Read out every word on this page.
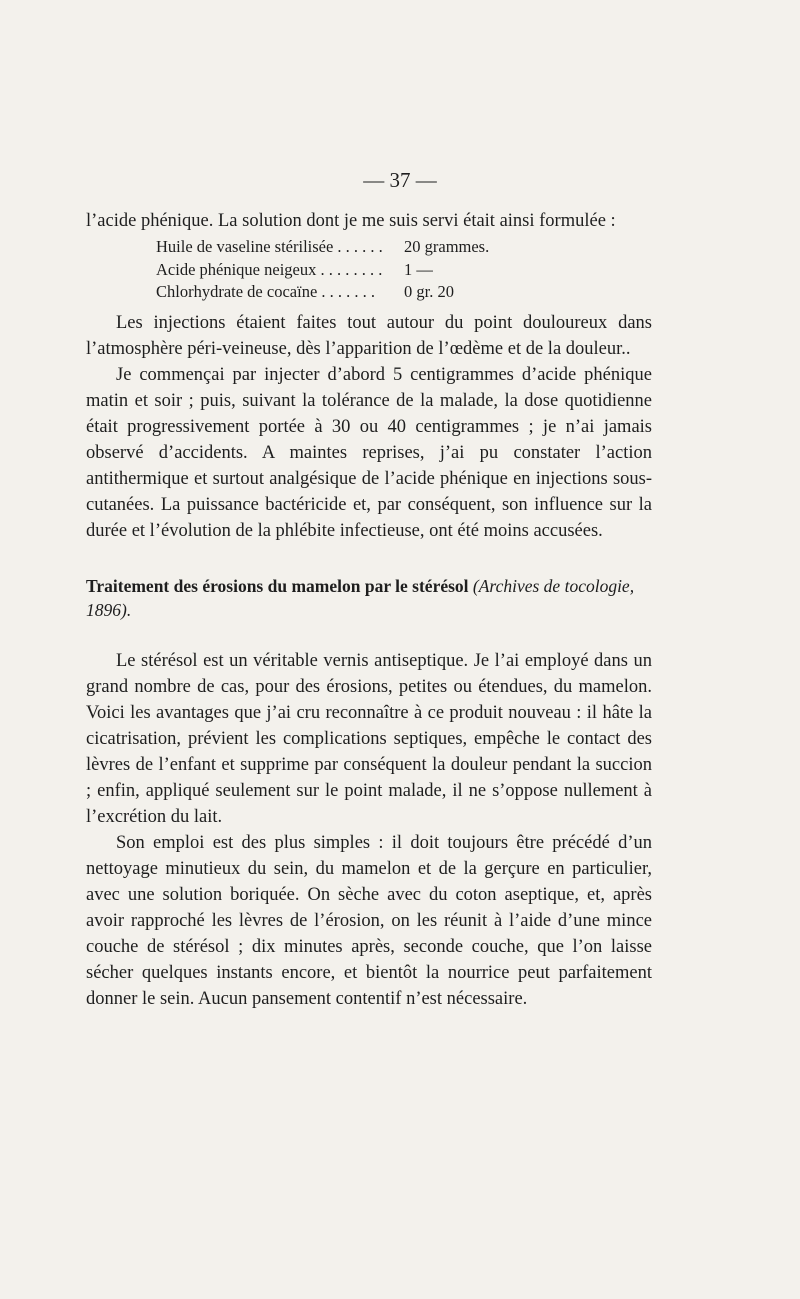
— 37 —

l’acide phénique. La solution dont je me suis servi était ainsi formulée :

Huile de vaseline stérilisée . . . . . .	20 grammes.
Acide phénique neigeux . . . . . . . .	1 —
Chlorhydrate de cocaïne . . . . . . .	0 gr. 20

Les injections étaient faites tout autour du point douloureux dans l’atmosphère péri-veineuse, dès l’apparition de l’œdème et de la douleur..

Je commençai par injecter d’abord 5 centigrammes d’acide phénique matin et soir ; puis, suivant la tolérance de la malade, la dose quotidienne était progressivement portée à 30 ou 40 centigrammes ; je n’ai jamais observé d’accidents. A maintes reprises, j’ai pu constater l’action antithermique et surtout analgésique de l’acide phénique en injections sous-cutanées. La puissance bactéricide et, par conséquent, son influence sur la durée et l’évolution de la phlébite infectieuse, ont été moins accusées.

Traitement des érosions du mamelon par le stérésol (Archives de tocologie, 1896).

Le stérésol est un véritable vernis antiseptique. Je l’ai employé dans un grand nombre de cas, pour des érosions, petites ou étendues, du mamelon. Voici les avantages que j’ai cru reconnaître à ce produit nouveau : il hâte la cicatrisation, prévient les complications septiques, empêche le contact des lèvres de l’enfant et supprime par conséquent la douleur pendant la succion ; enfin, appliqué seulement sur le point malade, il ne s’oppose nullement à l’excrétion du lait.

Son emploi est des plus simples : il doit toujours être précédé d’un nettoyage minutieux du sein, du mamelon et de la gerçure en particulier, avec une solution boriquée. On sèche avec du coton aseptique, et, après avoir rapproché les lèvres de l’érosion, on les réunit à l’aide d’une mince couche de stérésol ; dix minutes après, seconde couche, que l’on laisse sécher quelques instants encore, et bientôt la nourrice peut parfaitement donner le sein. Aucun pansement contentif n’est nécessaire.
